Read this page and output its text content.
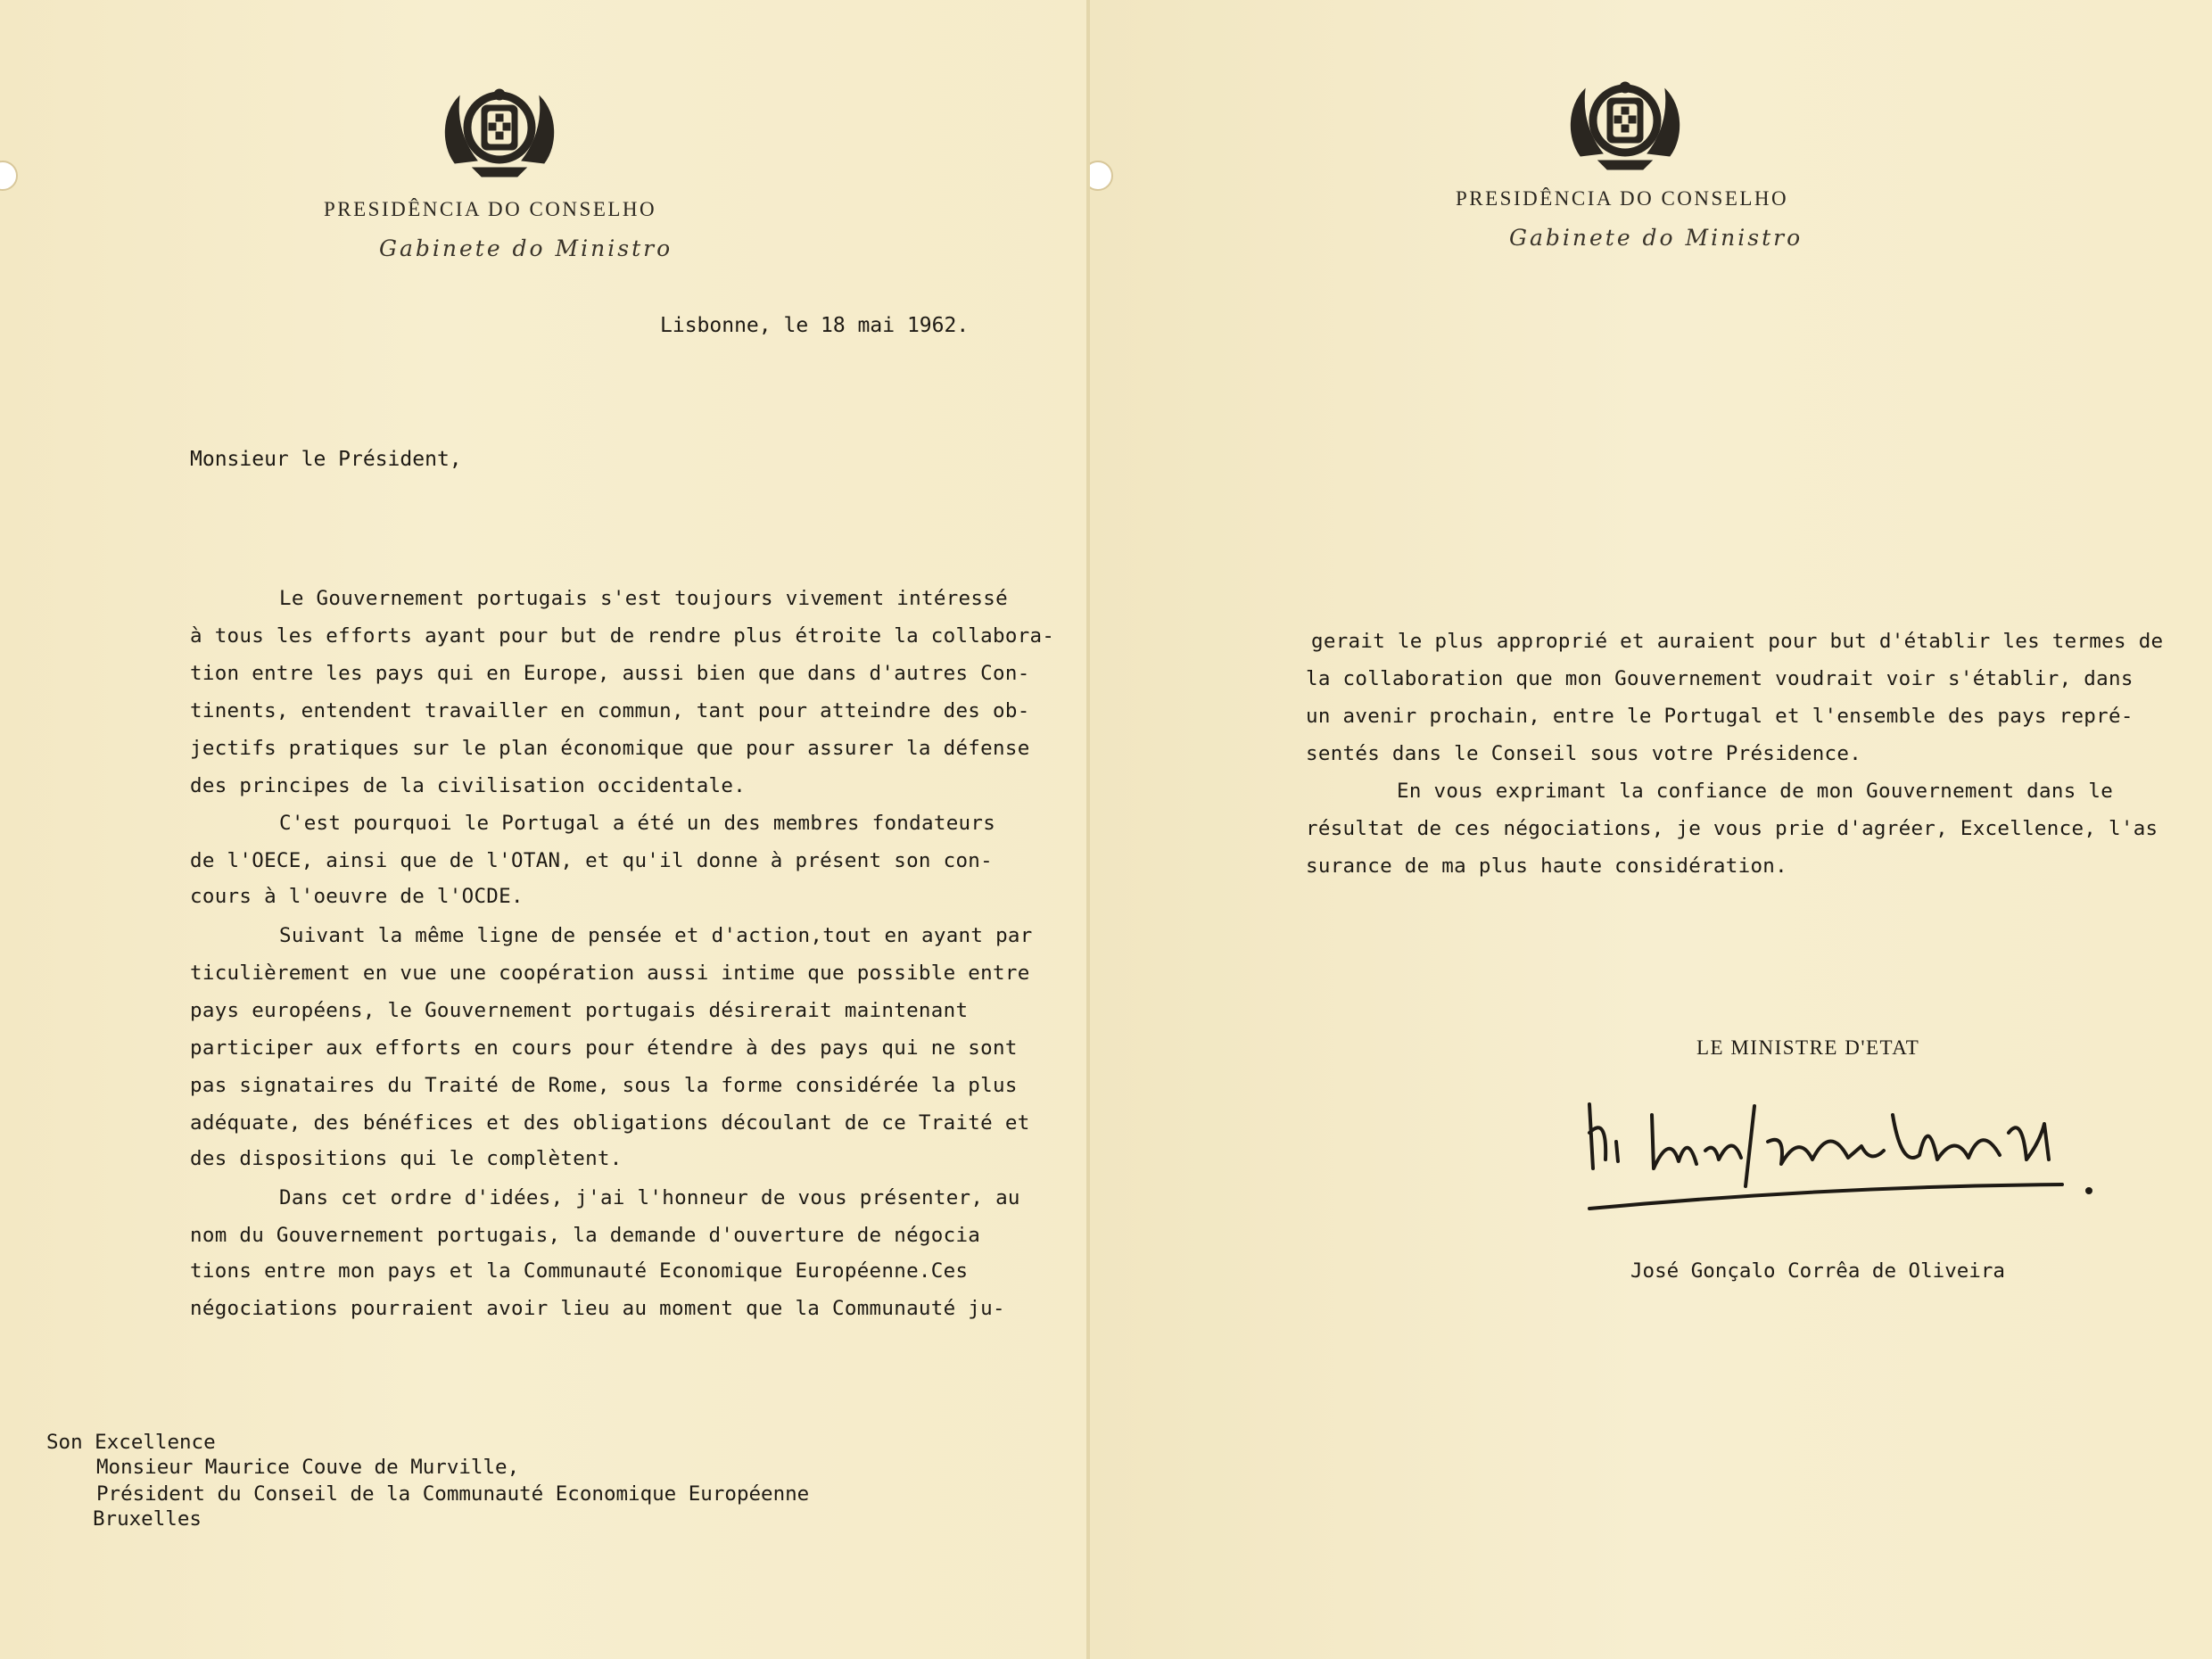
PRESIDÊNCIA DO CONSELHO
Gabinete do Ministro
Lisbonne, le 18 mai 1962.
Monsieur le Président,
Le Gouvernement portugais s'est toujours vivement intéressé
à tous les efforts ayant pour but de rendre plus étroite la collabora-
tion entre les pays qui en Europe, aussi bien que dans d'autres Con-
tinents, entendent travailler en commun, tant pour atteindre des ob-
jectifs pratiques sur le plan économique que pour assurer la défense
des principes de la civilisation occidentale.
C'est pourquoi le Portugal a été un des membres fondateurs
de l'OECE, ainsi que de l'OTAN, et qu'il donne à présent son con-
cours à l'oeuvre de l'OCDE.
Suivant la même ligne de pensée et d'action,tout en ayant par
ticulièrement en vue une coopération aussi intime que possible entre
pays européens, le Gouvernement portugais désirerait maintenant
participer aux efforts en cours pour étendre à des pays qui ne sont
pas signataires du Traité de Rome, sous la forme considérée la plus
adéquate, des bénéfices et des obligations découlant de ce Traité et
des dispositions qui le complètent.
Dans cet ordre d'idées, j'ai l'honneur de vous présenter, au
nom du Gouvernement portugais, la demande d'ouverture de négocia
tions entre mon pays et la Communauté Economique Européenne.Ces
négociations pourraient avoir lieu au moment que la Communauté ju-
Son Excellence
Monsieur Maurice Couve de Murville,
Président du Conseil de la Communauté Economique Européenne
Bruxelles
PRESIDÊNCIA DO CONSELHO
Gabinete do Ministro
gerait le plus approprié et auraient pour but d'établir les termes de
la collaboration que mon Gouvernement voudrait voir s'établir, dans
un avenir prochain, entre le Portugal et l'ensemble des pays repré-
sentés dans le Conseil sous votre Présidence.
En vous exprimant la confiance de mon Gouvernement dans le
résultat de ces négociations, je vous prie d'agréer, Excellence, l'as
surance de ma plus haute considération.
LE MINISTRE D'ETAT
José Gonçalo Corrêa de Oliveira
